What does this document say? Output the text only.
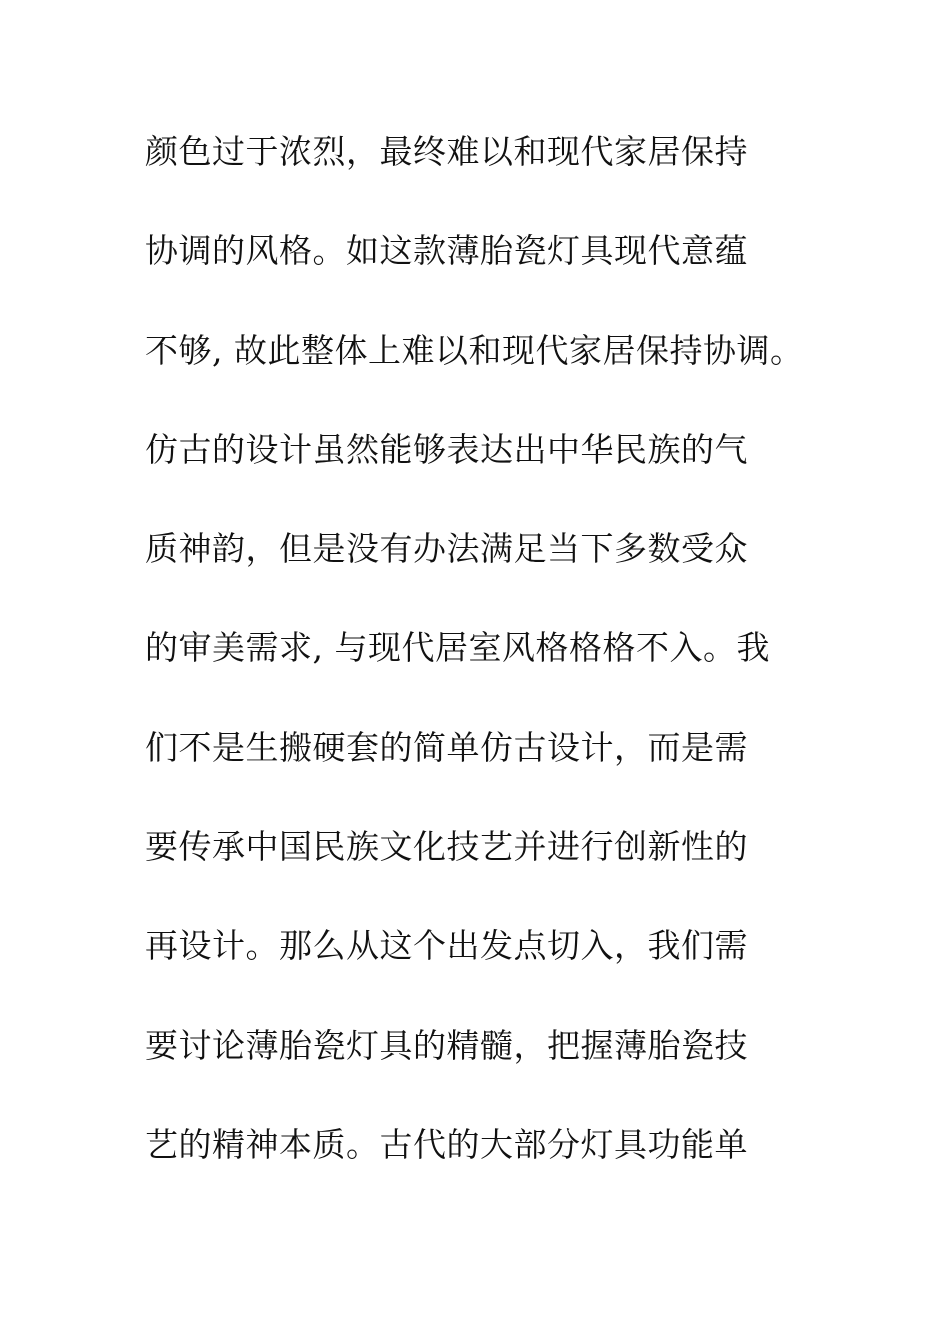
颜色过于浓烈，最终难以和现代家居保持
协调的风格。如这款薄胎瓷灯具现代意蕴
不够, 故此整体上难以和现代家居保持协调。
仿古的设计虽然能够表达出中华民族的气
质神韵，但是没有办法满足当下多数受众
的审美需求, 与现代居室风格格格不入。我
们不是生搬硬套的简单仿古设计，而是需
要传承中国民族文化技艺并进行创新性的
再设计。那么从这个出发点切入，我们需
要讨论薄胎瓷灯具的精髓，把握薄胎瓷技
艺的精神本质。古代的大部分灯具功能单
